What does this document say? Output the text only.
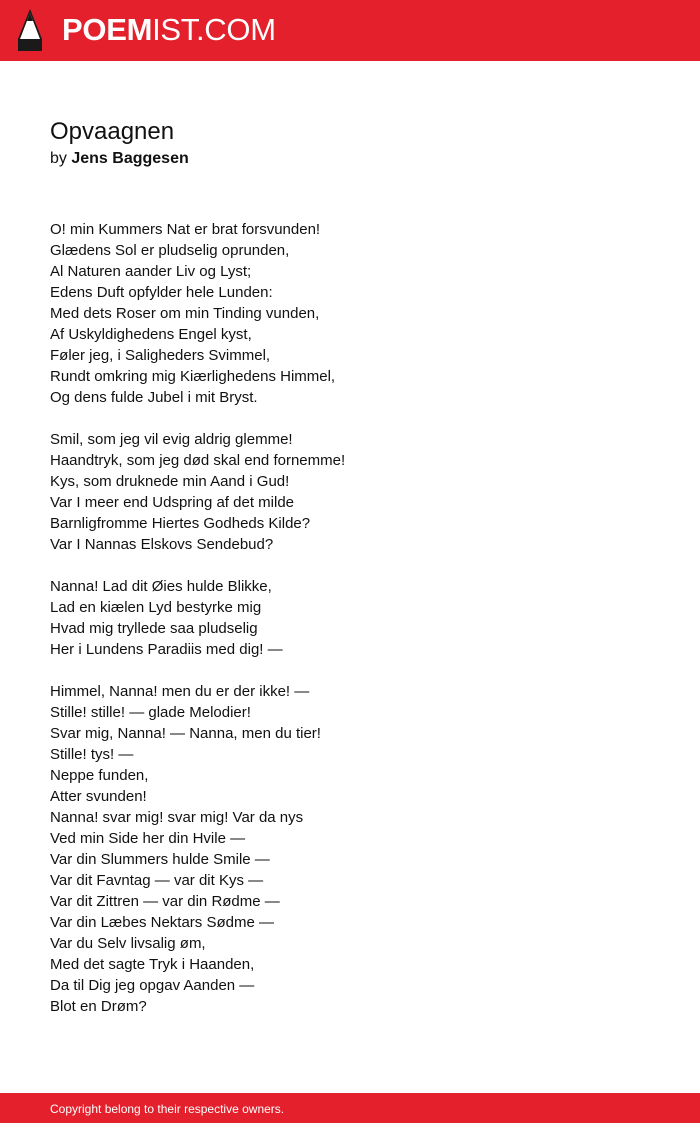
POEMIST.COM
Opvaagnen
by Jens Baggesen
O! min Kummers Nat er brat forsvunden!
Glædens Sol er pludselig oprunden,
Al Naturen aander Liv og Lyst;
Edens Duft opfylder hele Lunden:
Med dets Roser om min Tinding vunden,
Af Uskyldighedens Engel kyst,
Føler jeg, i Saligheders Svimmel,
Rundt omkring mig Kiærlighedens Himmel,
Og dens fulde Jubel i mit Bryst.
Smil, som jeg vil evig aldrig glemme!
Haandtryk, som jeg død skal end fornemme!
Kys, som druknede min Aand i Gud!
Var I meer end Udspring af det milde
Barnligfromme Hiertes Godheds Kilde?
Var I Nannas Elskovs Sendebud?
Nanna! Lad dit Øies hulde Blikke,
Lad en kiælen Lyd bestyrke mig
Hvad mig tryllede saa pludselig
Her i Lundens Paradiis med dig! —
Himmel, Nanna! men du er der ikke! —
Stille! stille! — glade Melodier!
Svar mig, Nanna! — Nanna, men du tier!
Stille! tys! —
Neppe funden,
Atter svunden!
Nanna! svar mig! svar mig! Var da nys
Ved min Side her din Hvile —
Var din Slummers hulde Smile —
Var dit Favntag — var dit Kys —
Var dit Zittren — var din Rødme —
Var din Læbes Nektars Sødme —
Var du Selv livsalig øm,
Med det sagte Tryk i Haanden,
Da til Dig jeg opgav Aanden —
Blot en Drøm?
Copyright belong to their respective owners.
